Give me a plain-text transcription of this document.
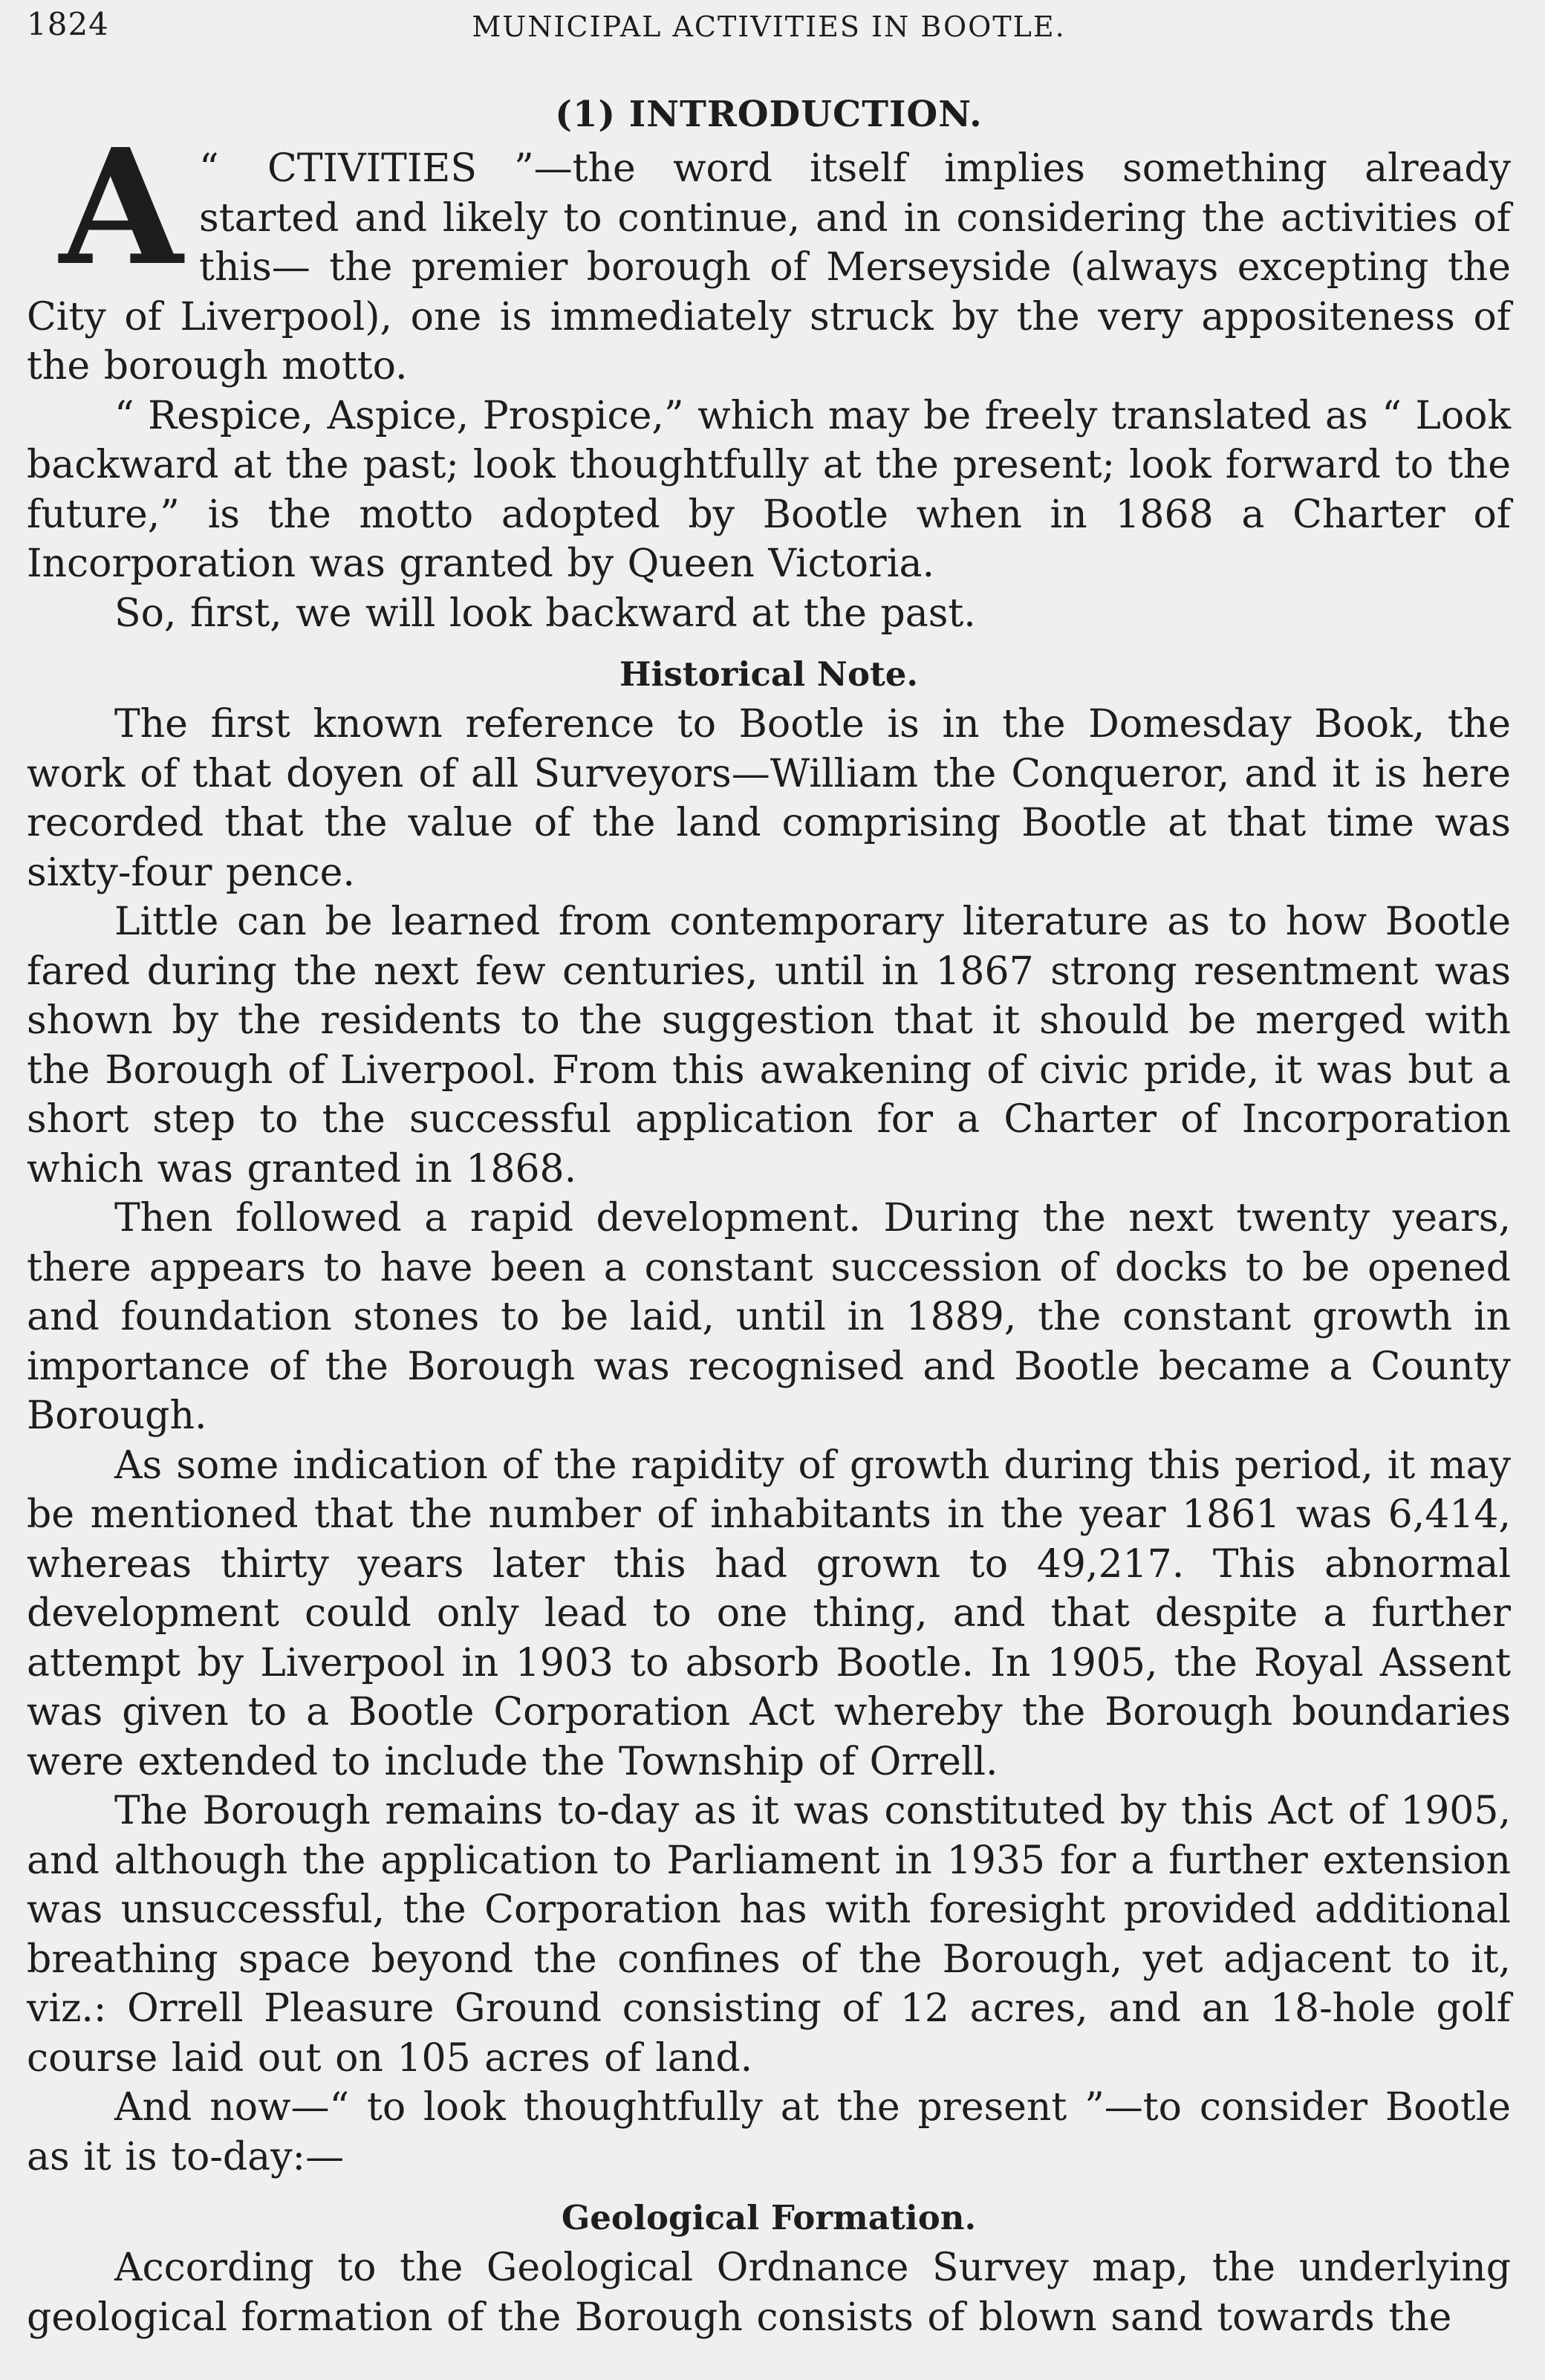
1824	MUNICIPAL ACTIVITIES IN BOOTLE.
(1) INTRODUCTION.

“
A CTIVITIES ”—the word itself implies something already started and likely to continue, and in considering the activities of this— the premier borough of Merseyside (always excepting the City of Liverpool), one is immediately struck by the very appositeness of the borough motto.

“ Respice, Aspice, Prospice,” which may be freely translated as “ Look backward at the past; look thoughtfully at the present; look forward to the future,” is the motto adopted by Bootle when in 1868 a Charter of Incorporation was granted by Queen Victoria.

So, first, we will look backward at the past.

Historical Note.

The first known reference to Bootle is in the Domesday Book, the work of that doyen of all Surveyors—William the Conqueror, and it is here recorded that the value of the land comprising Bootle at that time was sixty-four pence.

Little can be learned from contemporary literature as to how Bootle fared during the next few centuries, until in 1867 strong resentment was shown by the residents to the suggestion that it should be merged with the Borough of Liverpool. From this awakening of civic pride, it was but a short step to the successful application for a Charter of Incorporation which was granted in 1868.

Then followed a rapid development. During the next twenty years, there appears to have been a constant succession of docks to be opened and foundation stones to be laid, until in 1889, the constant growth in importance of the Borough was recognised and Bootle became a County Borough.

As some indication of the rapidity of growth during this period, it may be mentioned that the number of inhabitants in the year 1861 was 6,414, whereas thirty years later this had grown to 49,217. This abnormal development could only lead to one thing, and that despite a further attempt by Liverpool in 1903 to absorb Bootle. In 1905, the Royal Assent was given to a Bootle Corporation Act whereby the Borough boundaries were extended to include the Township of Orrell.

The Borough remains to-day as it was constituted by this Act of 1905, and although the application to Parliament in 1935 for a further extension was unsuccessful, the Corporation has with foresight provided additional breathing space beyond the confines of the Borough, yet adjacent to it, viz.: Orrell Pleasure Ground consisting of 12 acres, and an 18-hole golf course laid out on 105 acres of land.

And now—“ to look thoughtfully at the present ”—to consider Bootle as it is to-day:—

Geological Formation.

According to the Geological Ordnance Survey map, the underlying geological formation of the Borough consists of blown sand towards the
